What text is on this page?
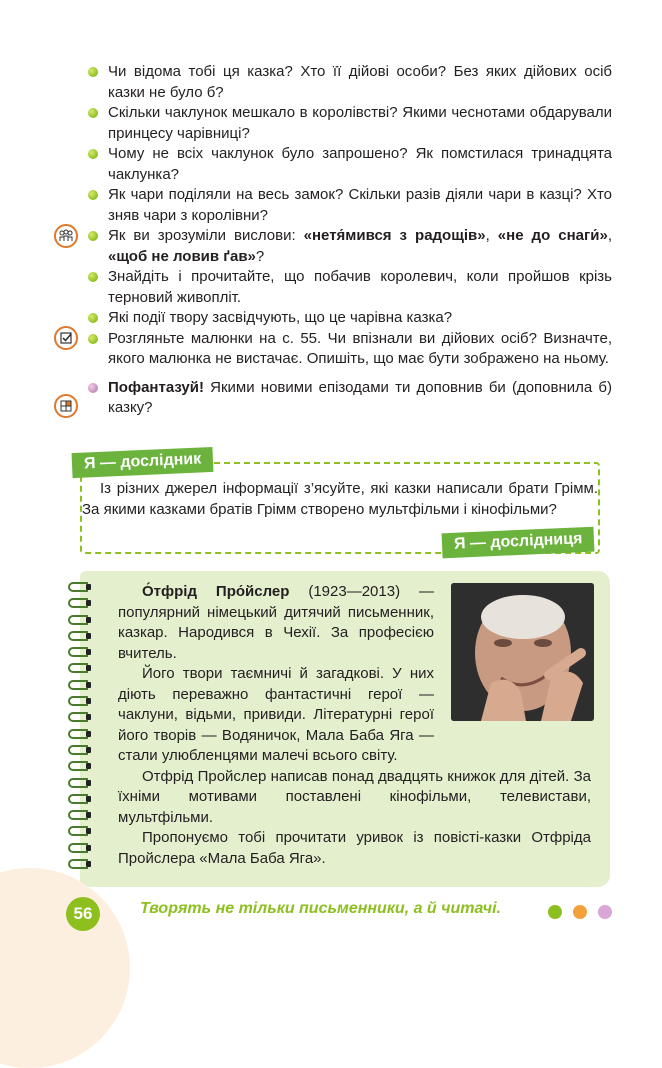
Чи відома тобі ця казка? Хто її дійові особи? Без яких дійових осіб казки не було б?
Скільки чаклунок мешкало в королівстві? Якими чеснотами обдарували принцесу чарівниці?
Чому не всіх чаклунок було запрошено? Як помстилася тринадцята чаклунка?
Як чари поділяли на весь замок? Скільки разів діяли чари в казці? Хто зняв чари з королівни?
Як ви зрозуміли вислови: «нетя́мився з радощів», «не до снаги́», «щоб не ловив ґав»?
Знайдіть і прочитайте, що побачив королевич, коли пройшов крізь терновий живопліт.
Які події твору засвідчують, що це чарівна казка?
Розгляньте малюнки на с. 55. Чи впізнали ви дійових осіб? Визначте, якого малюнка не вистачає. Опишіть, що має бути зображено на ньому.
Пофантазуй! Якими новими епізодами ти доповнив би (доповнила б) казку?
Із різних джерел інформації з’ясуйте, які казки написали брати Грімм. За якими казками братів Грімм створено мультфільми і кінофільми?
Я — дослідник
Я — дослідниця

О́тфрід Про́йслер (1923—2013) — популярний німецький дитячий письменник, казкар. Народився в Чехії. За професією вчитель.

Його твори таємничі й загадкові. У них діють переважно фантастичні герої — чаклуни, відьми, привиди. Літературні герої його творів — Водяничок, Мала Баба Яга — стали улюбленцями малечі всього світу.

Отфрід Пройслер написав понад двадцять книжок для дітей. За їхніми мотивами поставлені кінофільми, телевистави, мультфільми.

Пропонуємо тобі прочитати уривок із повісті-казки Отфріда Пройслера «Мала Баба Яга».

56	Творять не тільки письменники, а й читачі.
